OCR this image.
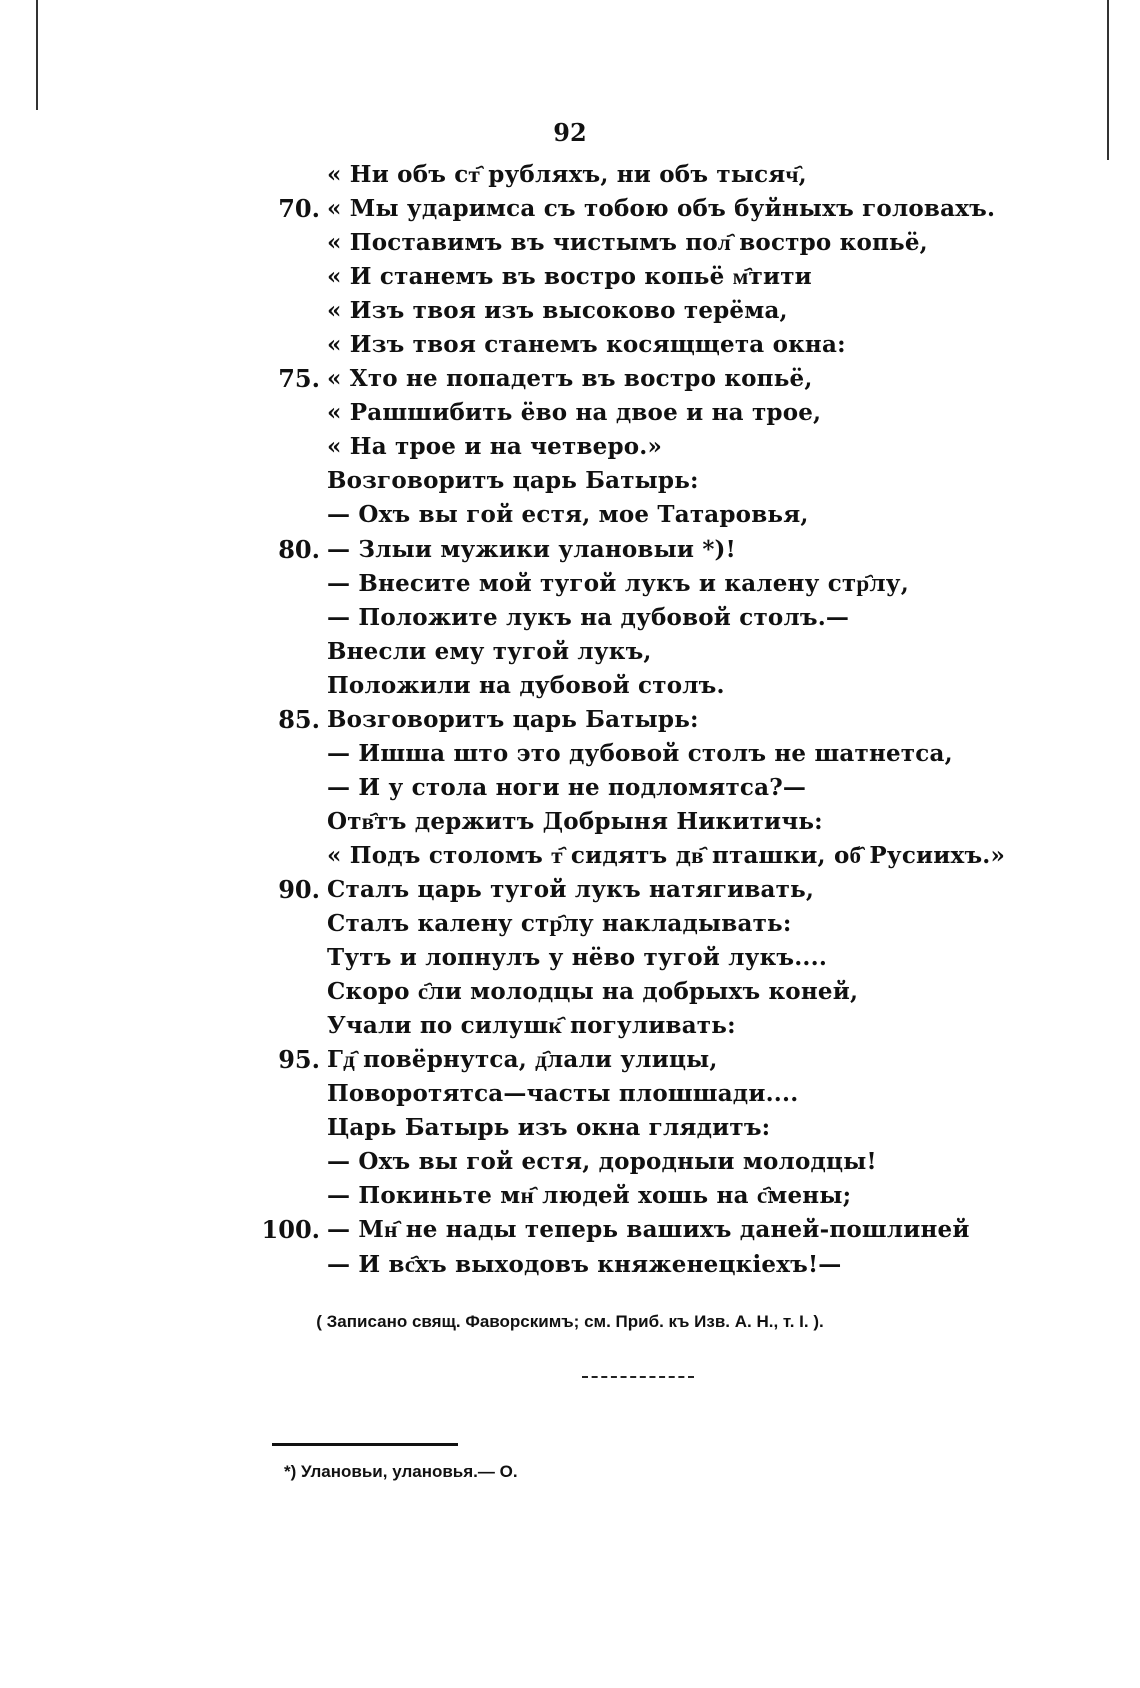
92
« Ни объ ст҄ рубляхъ, ни объ тысяч҄,
70. « Мы ударимса съ тобою объ буйныхъ головахъ.
« Поставимъ въ чистымъ пол҄ востро копьё,
« И станемъ въ востро копьё м҄тити
« Изъ твоя изъ высоково терёма,
« Изъ твоя станемъ косящщета окна:
75. « Хто не попадетъ въ востро копьё,
« Рашшибить ёво на двое и на трое,
« На трое и на четверо.»
Возговоритъ царь Батырь:
— Охъ вы гой естя, мое Татаровья,
80. — Злыи мужики улановыи *)!
— Внесите мой тугой лукъ и калену стр҄лу,
— Положите лукъ на дубовой столъ.—
Внесли ему тугой лукъ,
Положили на дубовой столъ.
85. Возговоритъ царь Батырь:
— Ишша што это дубовой столъ не шатнетса,
— И у стола ноги не подломятса?—
Отв҄тъ держитъ Добрыня Никитичь:
« Подъ столомъ т҄ сидятъ дв҄ пташки, об҄ Русиихъ.»
90. Сталъ царь тугой лукъ натягивать,
Сталъ калену стр҄лу накладывать:
Тутъ и лопнулъ у нёво тугой лукъ....
Скоро с҄ли молодцы на добрыхъ коней,
Учали по силушк҄ погуливать:
95. Гд҄ повёрнутса, д҄лали улицы,
Поворотятса—часты плошшади....
Царь Батырь изъ окна глядитъ:
— Охъ вы гой естя, дородныи молодцы!
— Покиньте мн҄ людей хошь на с҄мены;
100. — Мн҄ не нады теперь вашихъ даней-пошлиней
— И вс҄хъ выходовъ княженецкiехъ!—
( Записано свящ. Фаворскимъ; см. Приб. къ Изв. А. Н., т. I. ).
*) Улановьи, улановья.— О.
